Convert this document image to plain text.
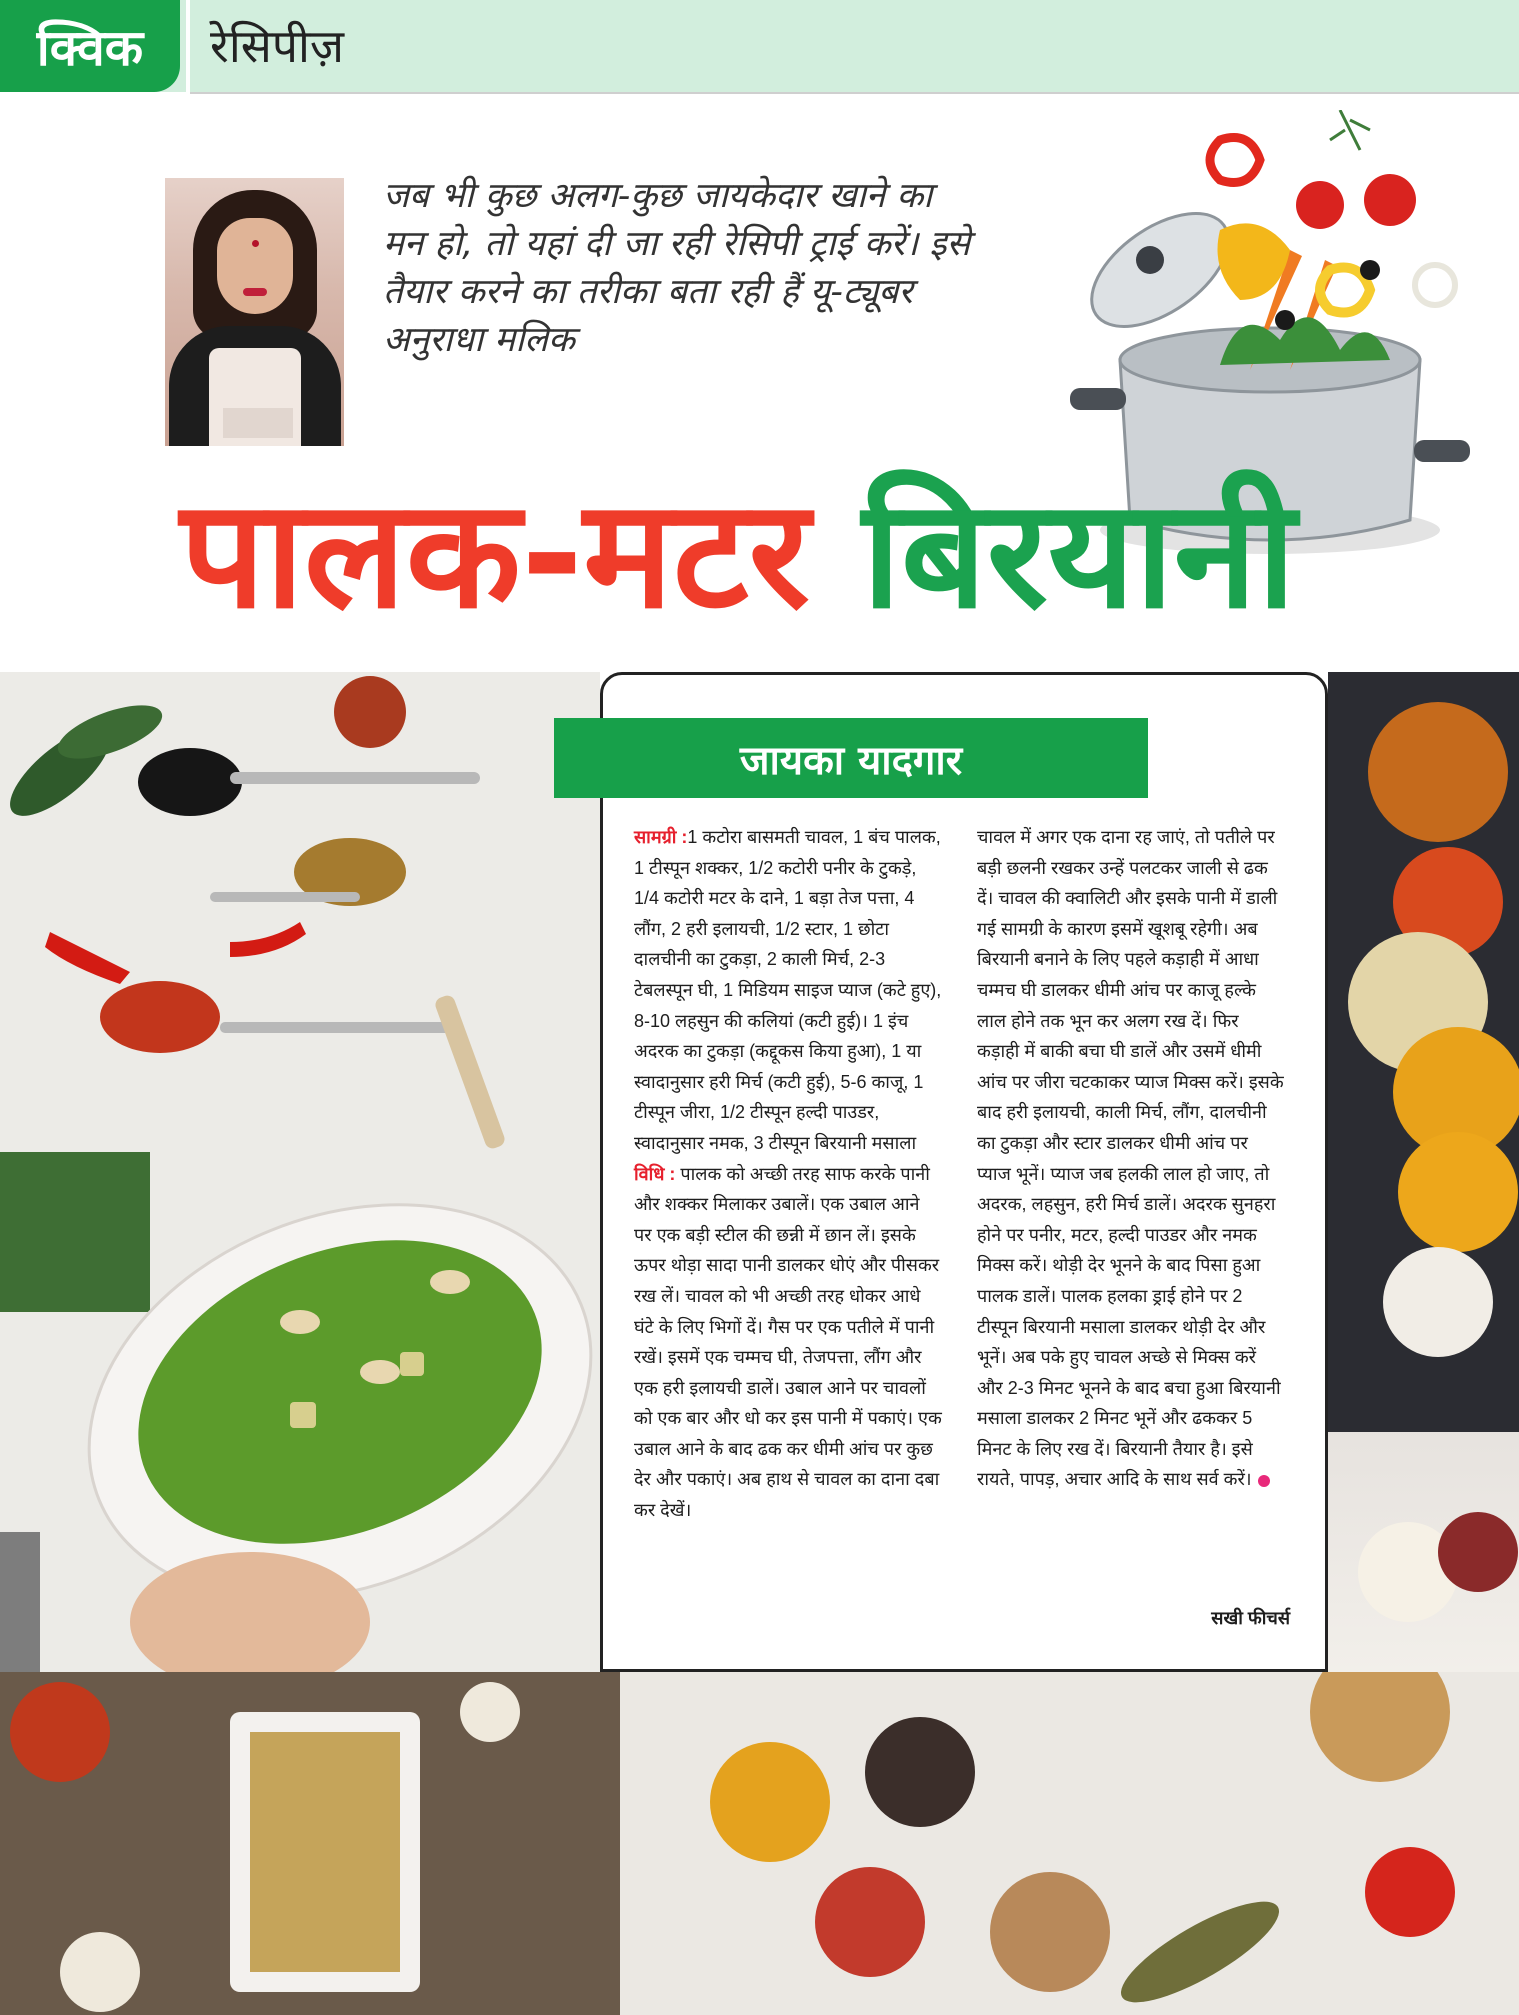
क्विक रेसिपीज़
जब भी कुछ अलग-कुछ जायकेदार खाने का मन हो, तो यहां दी जा रही रेसिपी ट्राई करें। इसे तैयार करने का तरीका बता रही हैं यू-ट्यूबर अनुराधा मलिक
पालक-मटर बिरयानी
जायका यादगार
सामग्री :1 कटोरा बासमती चावल, 1 बंच पालक, 1 टीस्पून शक्कर, 1/2 कटोरी पनीर के टुकड़े, 1/4 कटोरी मटर के दाने, 1 बड़ा तेज पत्ता, 4 लौंग, 2 हरी इलायची, 1/2 स्टार, 1 छोटा दालचीनी का टुकड़ा, 2 काली मिर्च, 2-3 टेबलस्पून घी, 1 मिडियम साइज प्याज (कटे हुए), 8-10 लहसुन की कलियां (कटी हुई)। 1 इंच अदरक का टुकड़ा (कद्दूकस किया हुआ), 1 या स्वादानुसार हरी मिर्च (कटी हुई), 5-6 काजू, 1 टीस्पून जीरा, 1/2 टीस्पून हल्दी पाउडर, स्वादानुसार नमक, 3 टीस्पून बिरयानी मसाला
विधि : पालक को अच्छी तरह साफ करके पानी और शक्कर मिलाकर उबालें। एक उबाल आने पर एक बड़ी स्टील की छन्नी में छान लें। इसके ऊपर थोड़ा सादा पानी डालकर धोएं और पीसकर रख लें। चावल को भी अच्छी तरह धोकर आधे घंटे के लिए भिगों दें। गैस पर एक पतीले में पानी रखें। इसमें एक चम्मच घी, तेजपत्ता, लौंग और एक हरी इलायची डालें। उबाल आने पर चावलों को एक बार और धो कर इस पानी में पकाएं। एक उबाल आने के बाद ढक कर धीमी आंच पर कुछ देर और पकाएं। अब हाथ से चावल का दाना दबा कर देखें।
चावल में अगर एक दाना रह जाएं, तो पतीले पर बड़ी छलनी रखकर उन्हें पलटकर जाली से ढक दें। चावल की क्वालिटी और इसके पानी में डाली गई सामग्री के कारण इसमें खूशबू रहेगी। अब बिरयानी बनाने के लिए पहले कड़ाही में आधा चम्मच घी डालकर धीमी आंच पर काजू हल्के लाल होने तक भून कर अलग रख दें। फिर कड़ाही में बाकी बचा घी डालें और उसमें धीमी आंच पर जीरा चटकाकर प्याज मिक्स करें। इसके बाद हरी इलायची, काली मिर्च, लौंग, दालचीनी का टुकड़ा और स्टार डालकर धीमी आंच पर प्याज भूनें। प्याज जब हलकी लाल हो जाए, तो अदरक, लहसुन, हरी मिर्च डालें। अदरक सुनहरा होने पर पनीर, मटर, हल्दी पाउडर और नमक मिक्स करें। थोड़ी देर भूनने के बाद पिसा हुआ पालक डालें। पालक हलका ड्राई होने पर 2 टीस्पून बिरयानी मसाला डालकर थोड़ी देर और भूनें। अब पके हुए चावल अच्छे से मिक्स करें और 2-3 मिनट भूनने के बाद बचा हुआ बिरयानी मसाला डालकर 2 मिनट भूनें और ढककर 5 मिनट के लिए रख दें। बिरयानी तैयार है। इसे रायते, पापड़, अचार आदि के साथ सर्व करें।
सखी फीचर्स
